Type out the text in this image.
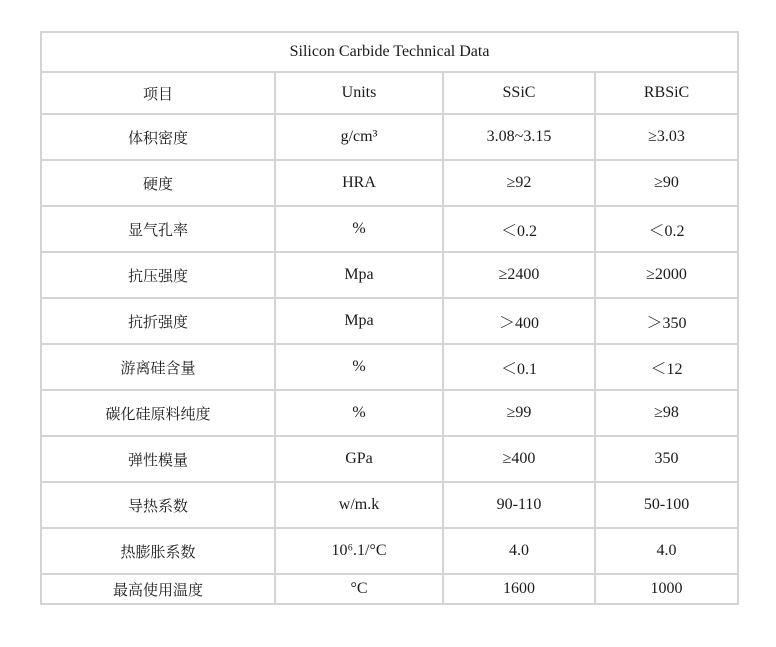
Silicon Carbide Technical Data			
项目	Units	SSiC	RBSiC
体积密度	g/cm³	3.08~3.15	≥3.03
硬度	HRA	≥92	≥90
显气孔率	%	＜0.2	＜0.2
抗压强度	Mpa	≥2400	≥2000
抗折强度	Mpa	＞400	＞350
游离硅含量	%	＜0.1	＜12
碳化硅原料纯度	%	≥99	≥98
弹性模量	GPa	≥400	350
导热系数	w/m.k	90-110	50-100
热膨胀系数	10⁶.1/°C	4.0	4.0
最高使用温度	°C	1600	1000
